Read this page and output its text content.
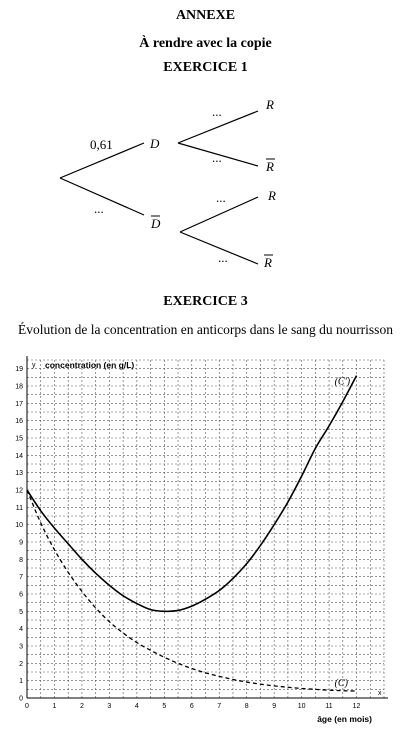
ANNEXE
À rendre avec la copie
EXERCICE 1
0,61
...
D
D
...
...
...
...
R
R
R
R
EXERCICE 3
Évolution de la concentration en anticorps dans le sang du nourrisson
0	1	2	3	4	5	6	7	8	9	10	11	12
0
1
2
3
4
5
6
7
8
9
10
11
12
13
14
15
16
17
18
19	concentration (en g/L)
âge (en mois)
y
x
(C')
(C)
